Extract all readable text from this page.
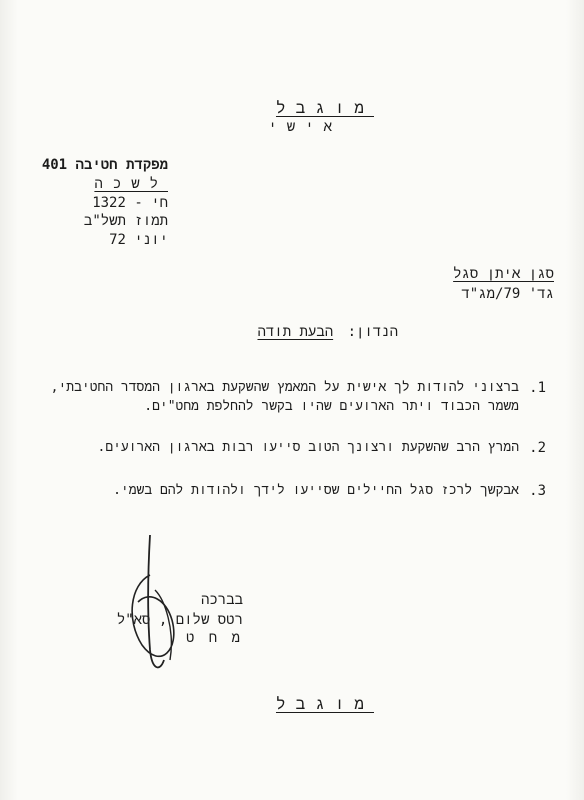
מוגבל
אישי
מפקדת חטיבה 401
לשכה
חי - 1322
תמוז תשל"ב
יוני 72
סגן איתן סגל
גד' 79/מג"ד
הנדון: הבעת תודה
1.
ברצוני להודות לך אישית על המאמץ שהשקעת בארגון המסדר החטיבתי,
משמר הכבוד ויתר הארועים שהיו בקשר להחלפת מחט"ים.
2.
המרץ הרב שהשקעת ורצונך הטוב סייעו רבות בארגון הארועים.
3.
אבקשך לרכז סגל החיילים שסייעו לידך ולהודות להם בשמי.
בברכה
רטס שלום , סא"ל
מ ח ט
מוגבל
